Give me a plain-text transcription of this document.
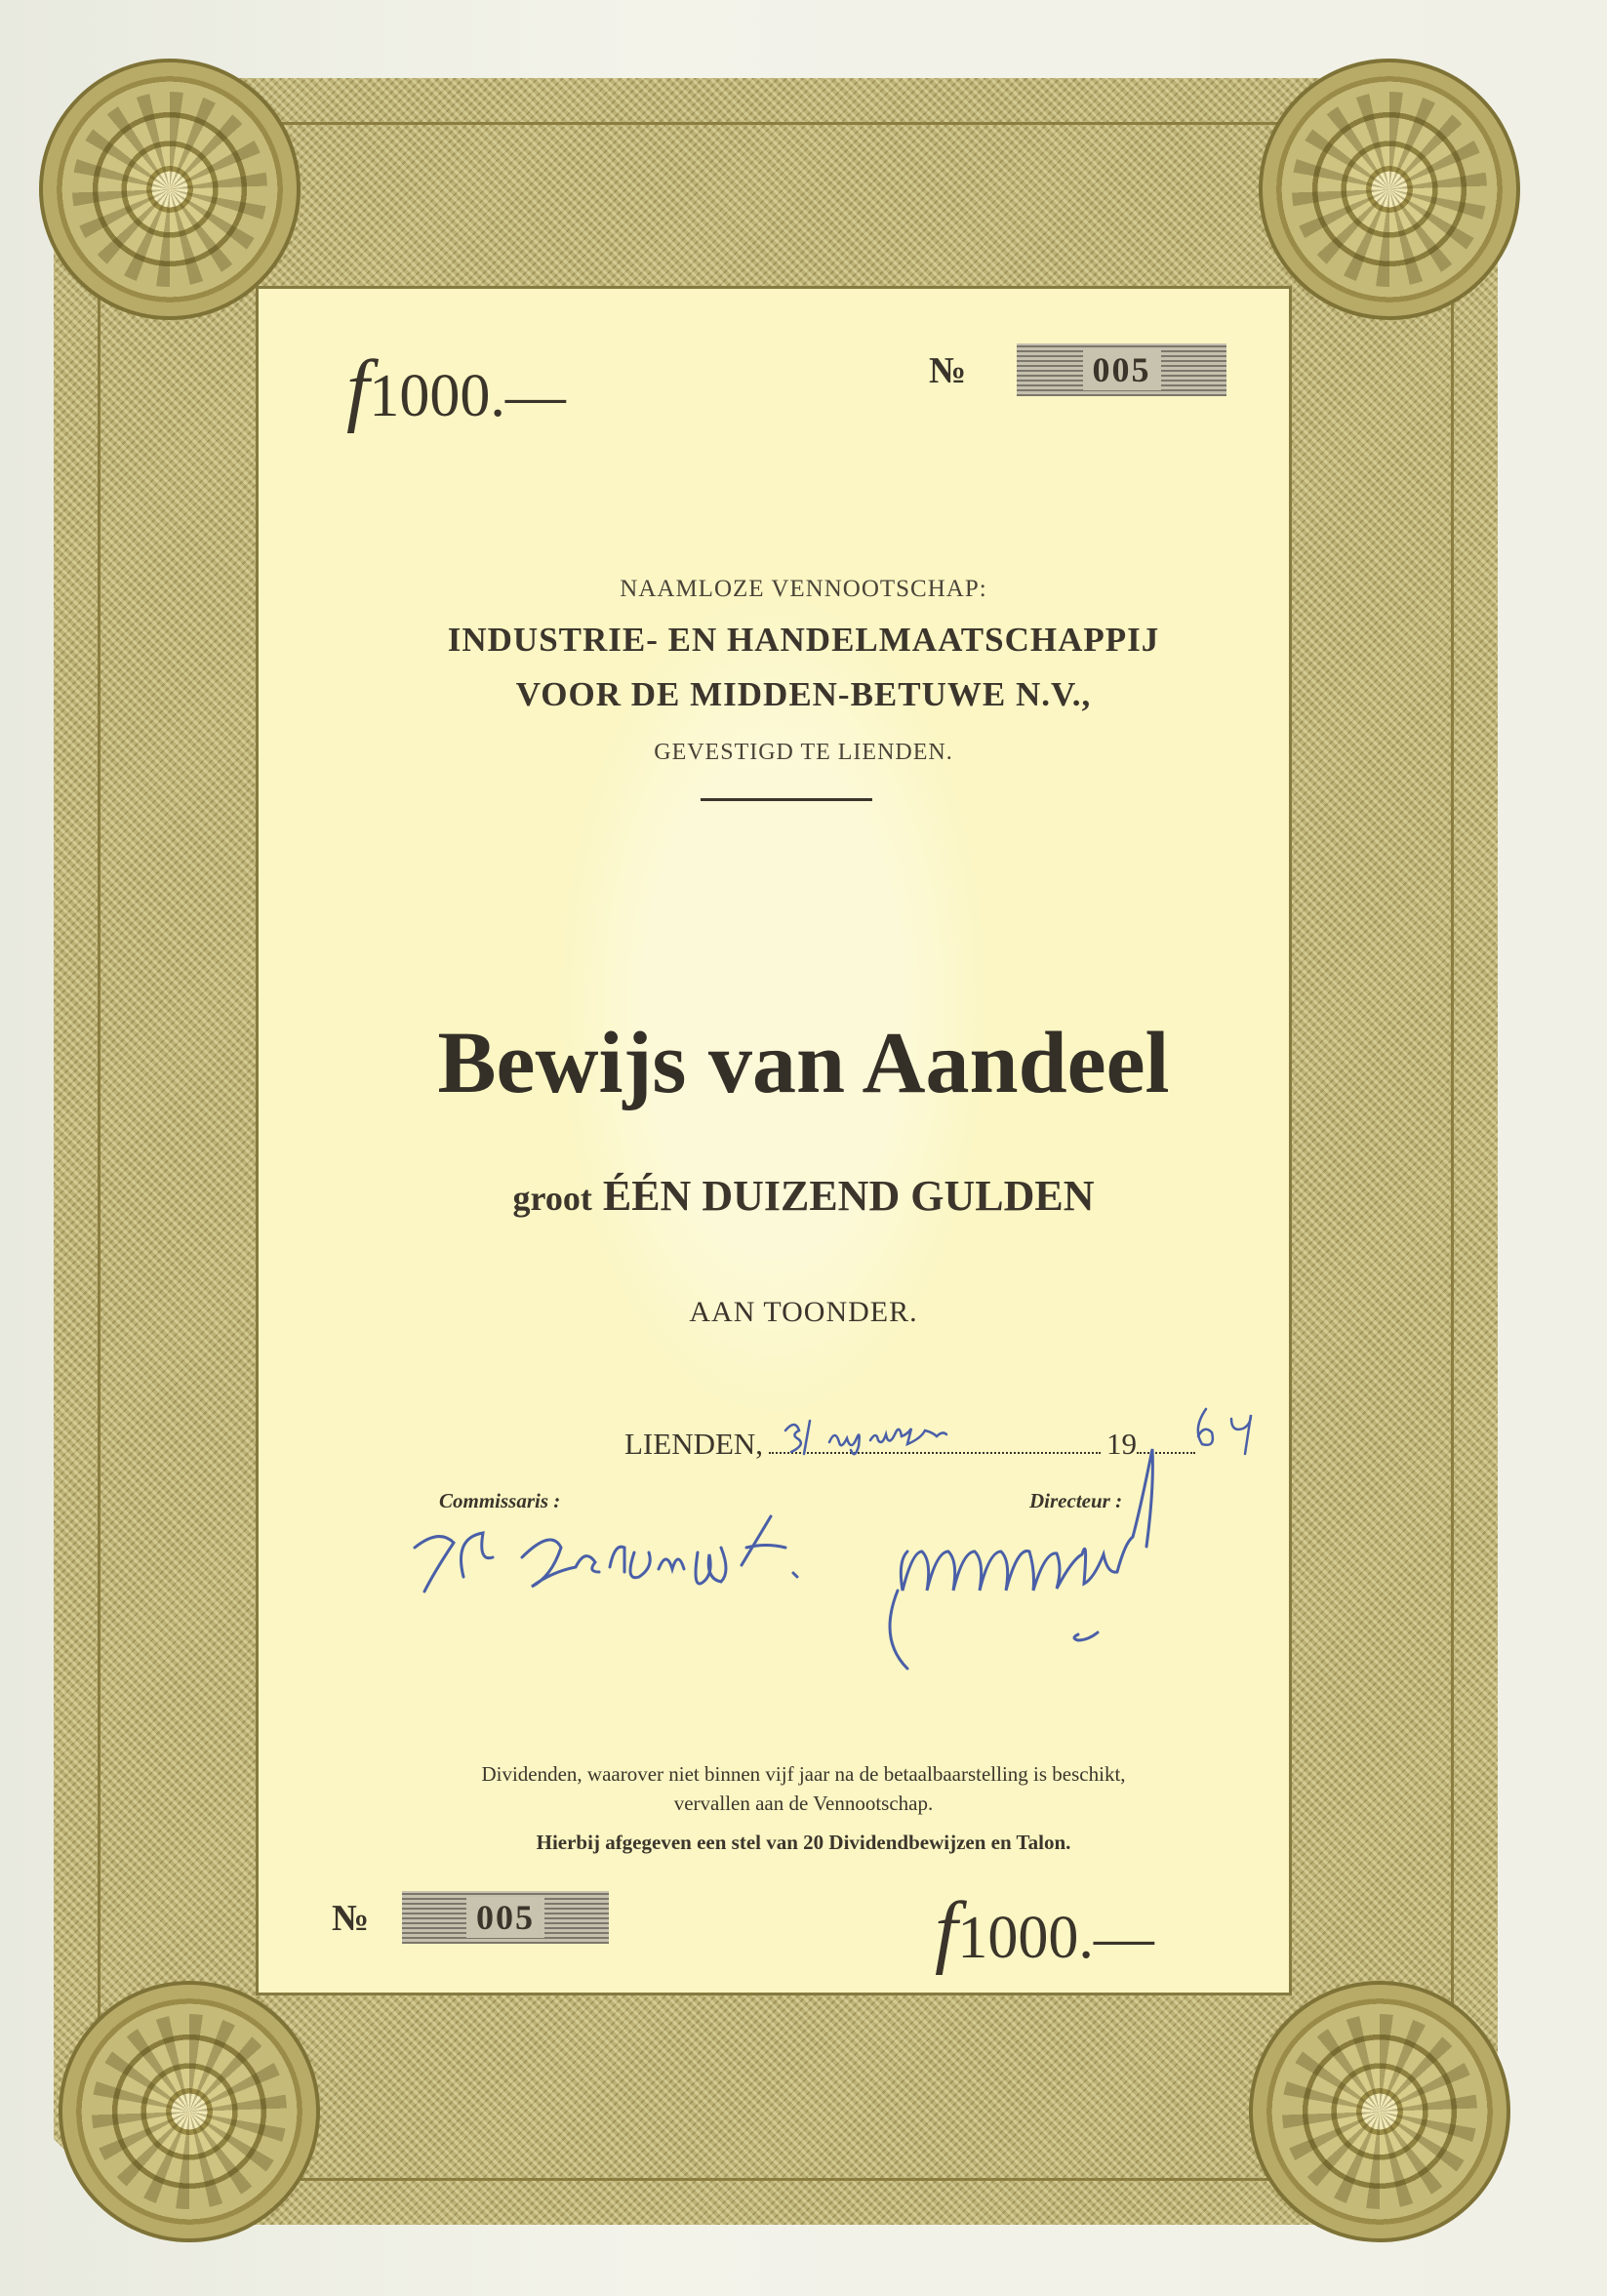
f1000.—	№	005
NAAMLOZE VENNOOTSCHAP:
INDUSTRIE- EN HANDELMAATSCHAPPIJ
VOOR DE MIDDEN-BETUWE N.V.,
GEVESTIGD TE LIENDEN.
Bewijs van Aandeel
groot ÉÉN DUIZEND GULDEN
AAN TOONDER.
LIENDEN,	19
Commissaris :	Directeur :
Dividenden, waarover niet binnen vijf jaar na de betaalbaarstelling is beschikt,
vervallen aan de Vennootschap.
Hierbij afgegeven een stel van 20 Dividendbewijzen en Talon.
№	005	f1000.—
